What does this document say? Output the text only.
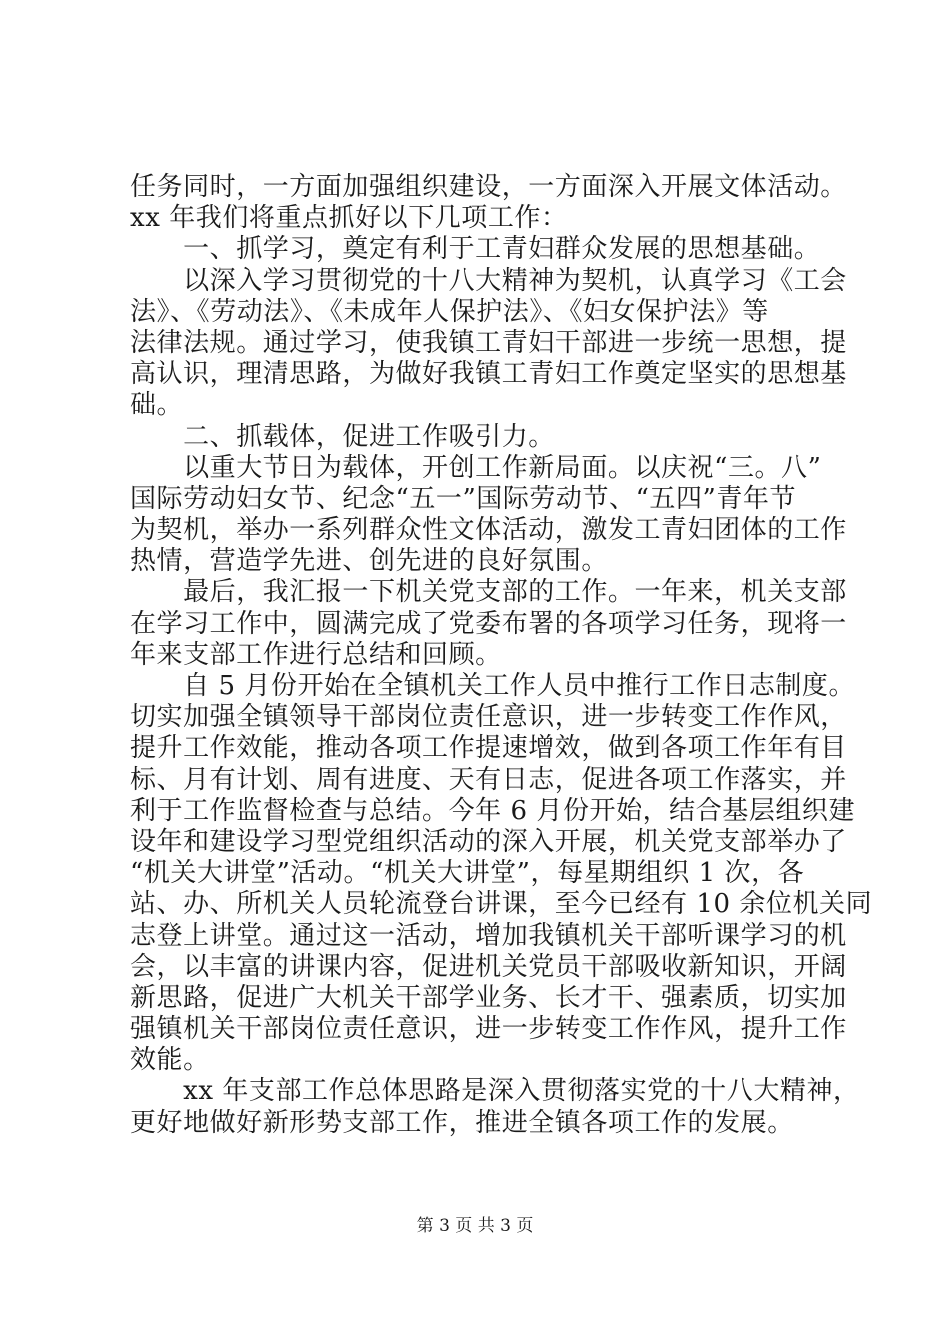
任务同时，一方面加强组织建设，一方面深入开展文体活动。
xx 年我们将重点抓好以下几项工作：
　　一、抓学习，奠定有利于工青妇群众发展的思想基础。
　　以深入学习贯彻党的十八大精神为契机，认真学习《工会
法》、《劳动法》、《未成年人保护法》、《妇女保护法》等
法律法规。通过学习，使我镇工青妇干部进一步统一思想，提
高认识，理清思路，为做好我镇工青妇工作奠定坚实的思想基
础。
　　二、抓载体，促进工作吸引力。
　　以重大节日为载体，开创工作新局面。以庆祝“三。八”
国际劳动妇女节、纪念“五一”国际劳动节、“五四”青年节
为契机，举办一系列群众性文体活动，激发工青妇团体的工作
热情，营造学先进、创先进的良好氛围。
　　最后，我汇报一下机关党支部的工作。一年来，机关支部
在学习工作中，圆满完成了党委布署的各项学习任务，现将一
年来支部工作进行总结和回顾。
　　自 5 月份开始在全镇机关工作人员中推行工作日志制度。
切实加强全镇领导干部岗位责任意识，进一步转变工作作风，
提升工作效能，推动各项工作提速增效，做到各项工作年有目
标、月有计划、周有进度、天有日志，促进各项工作落实，并
利于工作监督检查与总结。今年 6 月份开始，结合基层组织建
设年和建设学习型党组织活动的深入开展，机关党支部举办了
“机关大讲堂”活动。“机关大讲堂”，每星期组织 1 次，各
站、办、所机关人员轮流登台讲课，至今已经有 10 余位机关同
志登上讲堂。通过这一活动，增加我镇机关干部听课学习的机
会，以丰富的讲课内容，促进机关党员干部吸收新知识，开阔
新思路，促进广大机关干部学业务、长才干、强素质，切实加
强镇机关干部岗位责任意识，进一步转变工作作风，提升工作
效能。
　　xx 年支部工作总体思路是深入贯彻落实党的十八大精神，
更好地做好新形势支部工作，推进全镇各项工作的发展。
第 3 页 共 3 页
